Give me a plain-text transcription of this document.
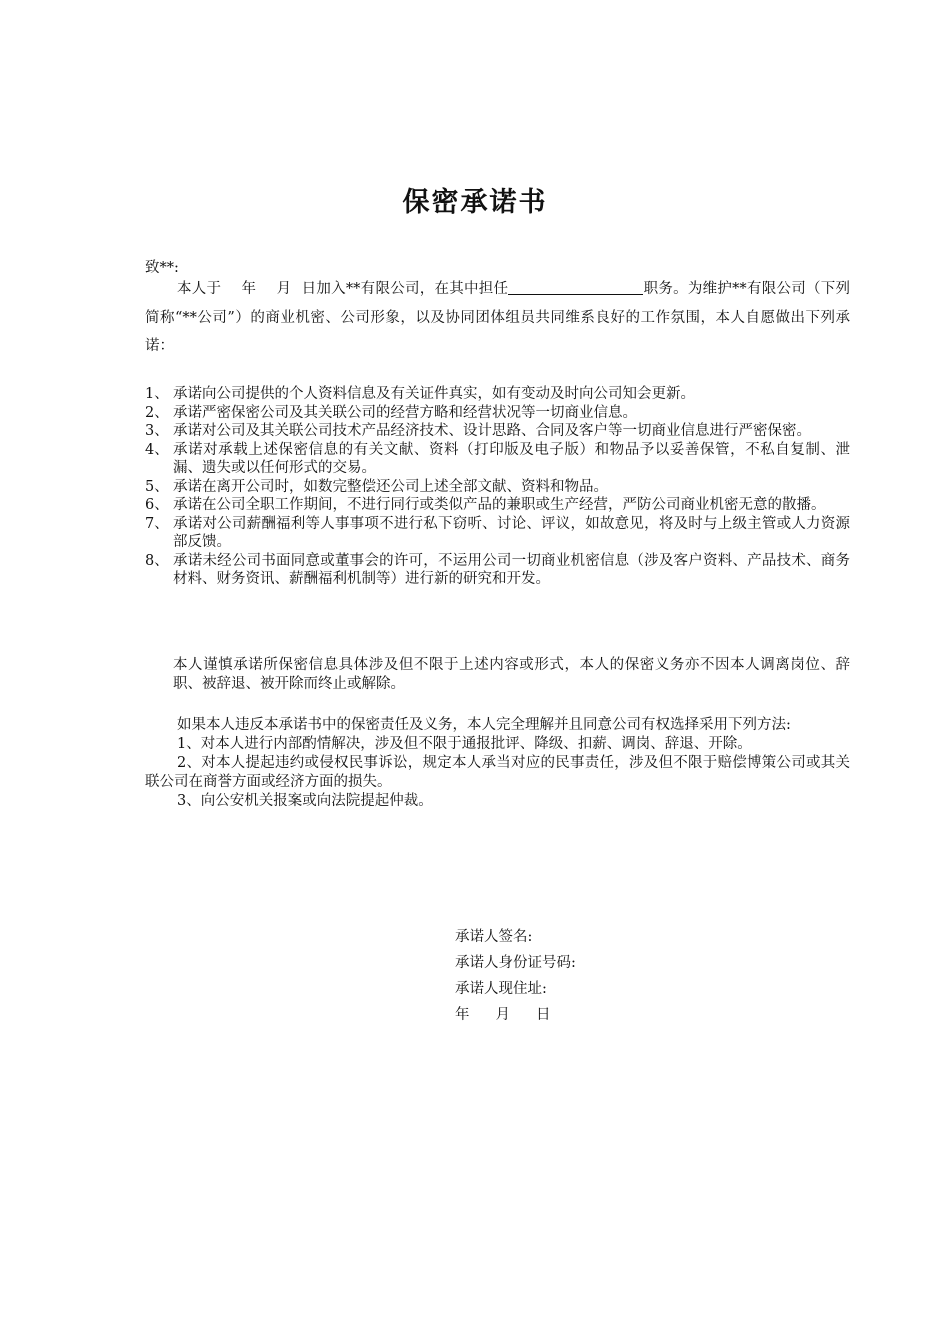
保密承诺书
致**:
本人于 年 月 日加入**有限公司，在其中担任	职务。为维护**有限公司（下列简称“**公司”）的商业机密、公司形象，以及协同团体组员共同维系良好的工作氛围，本人自愿做出下列承诺：
1、 承诺向公司提供的个人资料信息及有关证件真实，如有变动及时向公司知会更新。
2、 承诺严密保密公司及其关联公司的经营方略和经营状况等一切商业信息。
3、 承诺对公司及其关联公司技术产品经济技术、设计思路、合同及客户等一切商业信息进行严密保密。
4、 承诺对承载上述保密信息的有关文献、资料（打印版及电子版）和物品予以妥善保管，不私自复制、泄漏、遗失或以任何形式的交易。
5、 承诺在离开公司时，如数完整偿还公司上述全部文献、资料和物品。
6、 承诺在公司全职工作期间，不进行同行或类似产品的兼职或生产经营，严防公司商业机密无意的散播。
7、 承诺对公司薪酬福利等人事事项不进行私下窃听、讨论、评议，如故意见，将及时与上级主管或人力资源部反馈。
8、 承诺未经公司书面同意或董事会的许可，不运用公司一切商业机密信息（涉及客户资料、产品技术、商务材料、财务资讯、薪酬福利机制等）进行新的研究和开发。
本人谨慎承诺所保密信息具体涉及但不限于上述内容或形式，本人的保密义务亦不因本人调离岗位、辞职、被辞退、被开除而终止或解除。
如果本人违反本承诺书中的保密责任及义务，本人完全理解并且同意公司有权选择采用下列方法:
1、对本人进行内部酌情解决，涉及但不限于通报批评、降级、扣薪、调岗、辞退、开除。
2、对本人提起违约或侵权民事诉讼，规定本人承当对应的民事责任，涉及但不限于赔偿博策公司或其关联公司在商誉方面或经济方面的损失。
3、向公安机关报案或向法院提起仲裁。
承诺人签名:
承诺人身份证号码:
承诺人现住址:
年 月 日
